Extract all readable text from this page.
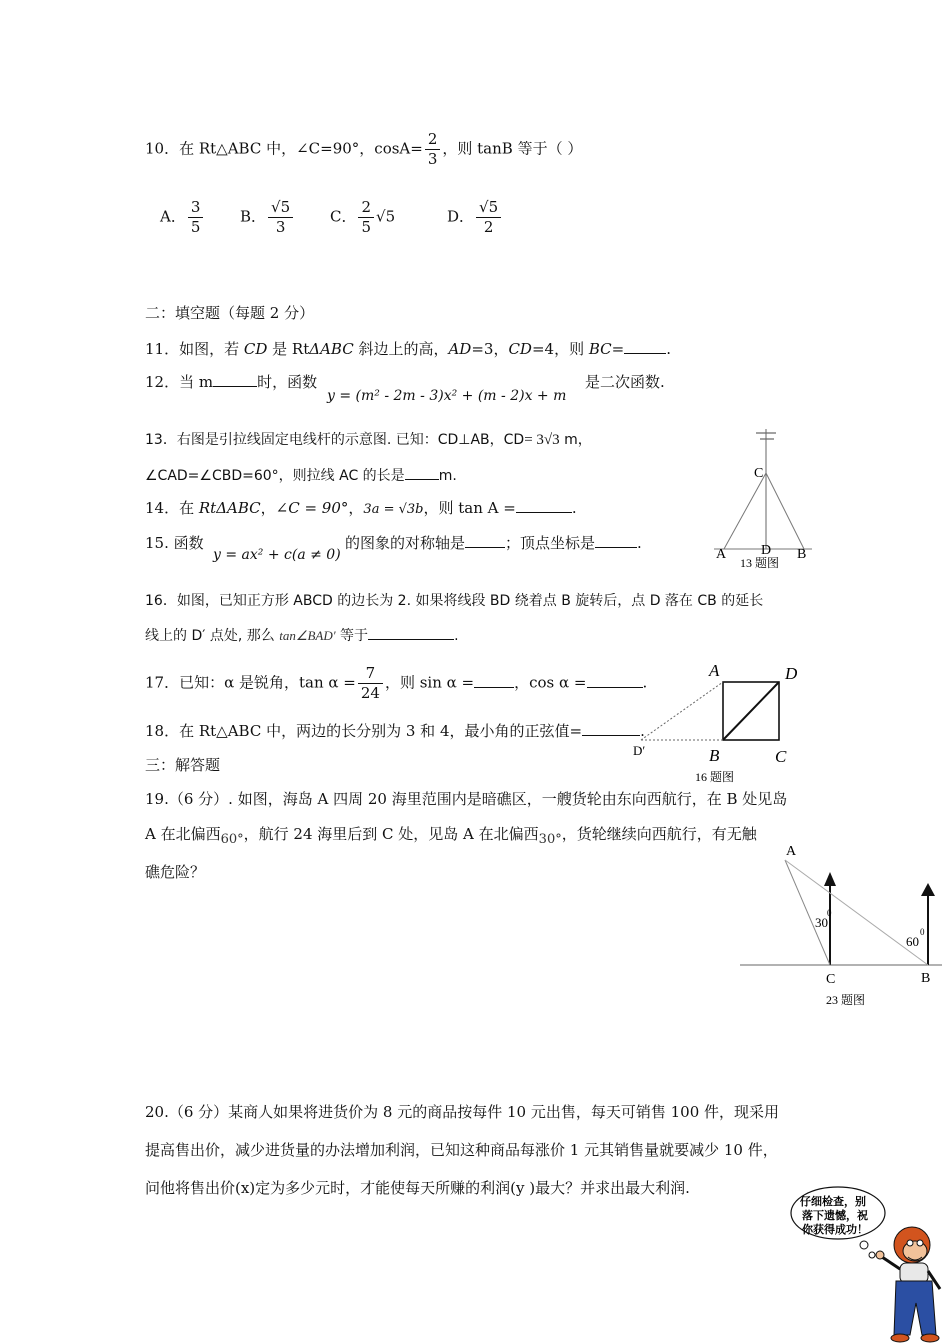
10．在 Rt△ABC 中，∠C=90°，$\cos A= \frac{2}{3}$ ，则 tanB 等于（ ）
A． $\frac{3}{5}$ B． $\frac{√5}{3}$ C． $\frac{2}{5} √5$	D． $\frac{√5}{2}$
二：填空题（每题 2 分）
11．如图，若 CD 是 RtΔABC 斜边上的高，AD=3，CD=4，则 BC=	.
12．当 m	时，函数
y = (m² - 2m - 3)x² + (m - 2)x + m
是二次函数.
13．右图是引拉线固定电线杆的示意图. 已知：CD⊥AB，CD= 3√3 m，
∠CAD=∠CBD=60°，则拉线 AC 的长是 m.
14．在 RtΔABC，∠C = 90°，3a = √3b，则 tan A =	.
15. 函数
y = ax² + c(a ≠ 0)
的图象的对称轴是	；顶点坐标是	.
C
A D B
13 题图
16．如图，已知正方形 ABCD 的边长为 2. 如果将线段 BD 绕着点 B 旋转后，点 D 落在 CB 的延长
线上的 D′ 点处, 那么 tan∠BAD′ 等于	.
17．已知：α 是锐角，$\tan \alpha = \frac{7}{24}$ ，则 sin α =	，cos α =	.
18．在 Rt△ABC 中，两边的长分别为 3 和 4，最小角的正弦值=	.
A	D
B	C
D′
16 题图
三：解答题
19.（6 分）. 如图，海岛 A 四周 20 海里范围内是暗礁区，一艘货轮由东向西航行，在 B 处见岛
A 在北偏西60°，航行 24 海里后到 C 处，见岛 A 在北偏西30°，货轮继续向西航行，有无触
礁危险？
A
C	B
30
0
60
0
23 题图
20.（6 分）某商人如果将进货价为 8 元的商品按每件 10 元出售，每天可销售 100 件，现采用
提高售出价，减少进货量的办法增加利润，已知这种商品每涨价 1 元其销售量就要减少 10 件，
问他将售出价(x)定为多少元时，才能使每天所赚的利润(y )最大？并求出最大利润.
仔细检查，别
落下遗憾，祝
你获得成功！
